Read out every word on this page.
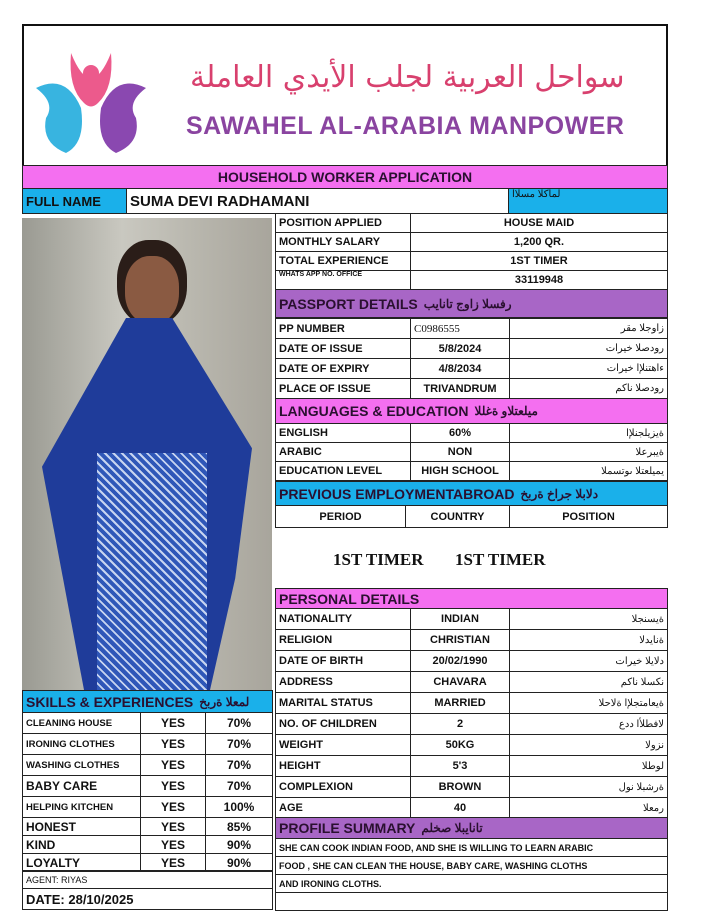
سواحل العربية لجلب الأيدي العاملة
SAWAHEL AL-ARABIA MANPOWER
HOUSEHOLD WORKER APPLICATION
FULL NAME	SUMA DEVI RADHAMANI	لماكلا مسلاا
POSITION APPLIED	HOUSE MAID
MONTHLY SALARY	1,200 QR.
TOTAL EXPERIENCE	1ST TIMER
WHATS APP NO. OFFICE	33119948
PASSPORT DETAILS رفسلا زاوج تانايب
PP NUMBER	C0986555	زاوجلا مقر
DATE OF ISSUE	5/8/2024	رودصلا خيرات
DATE OF EXPIRY	4/8/2034	ءاهتنلإا خيرات
PLACE OF ISSUE	TRIVANDRUM	رودصلا ناكم
LANGUAGES & EDUCATION ميلعتلاو ةغللا
ENGLISH	60%	ةيزيلجنلإا
ARABIC	NON	ةيبرعلا
EDUCATION LEVEL	HIGH SCHOOL	يميلعتلا ىوتسملا
PREVIOUS EMPLOYMENTABROAD دلابلا جراخ ةربخ
PERIOD	COUNTRY	POSITION
1ST TIMER	1ST TIMER
PERSONAL DETAILS
NATIONALITY	INDIAN	ةيسنجلا
RELIGION	CHRISTIAN	ةنايدلا
DATE OF BIRTH	20/02/1990	دلايلا خيرات
ADDRESS	CHAVARA	نكسلا ناكم
MARITAL STATUS	MARRIED	ةيعامتجلإا ةلاحلا
NO. OF CHILDREN	2	لافطلأا ددع
WEIGHT	50KG	نزولا
HEIGHT	5'3	لوطلا
COMPLEXION	BROWN	ةرشبلا نول
AGE	40	رمعلا
PROFILE SUMMARY تانايبلا صخلم
SHE CAN COOK INDIAN FOOD, AND SHE IS WILLING TO LEARN ARABIC
FOOD , SHE CAN CLEAN THE HOUSE, BABY CARE, WASHING CLOTHS
AND IRONING CLOTHS.
SKILLS & EXPERIENCES لمعلا ةربخ
CLEANING HOUSE	YES	70%
IRONING CLOTHES	YES	70%
WASHING CLOTHES	YES	70%
BABY CARE	YES	70%
HELPING KITCHEN	YES	100%
HONEST	YES	85%
KIND	YES	90%
LOYALTY	YES	90%
AGENT: RIYAS
DATE: 28/10/2025
